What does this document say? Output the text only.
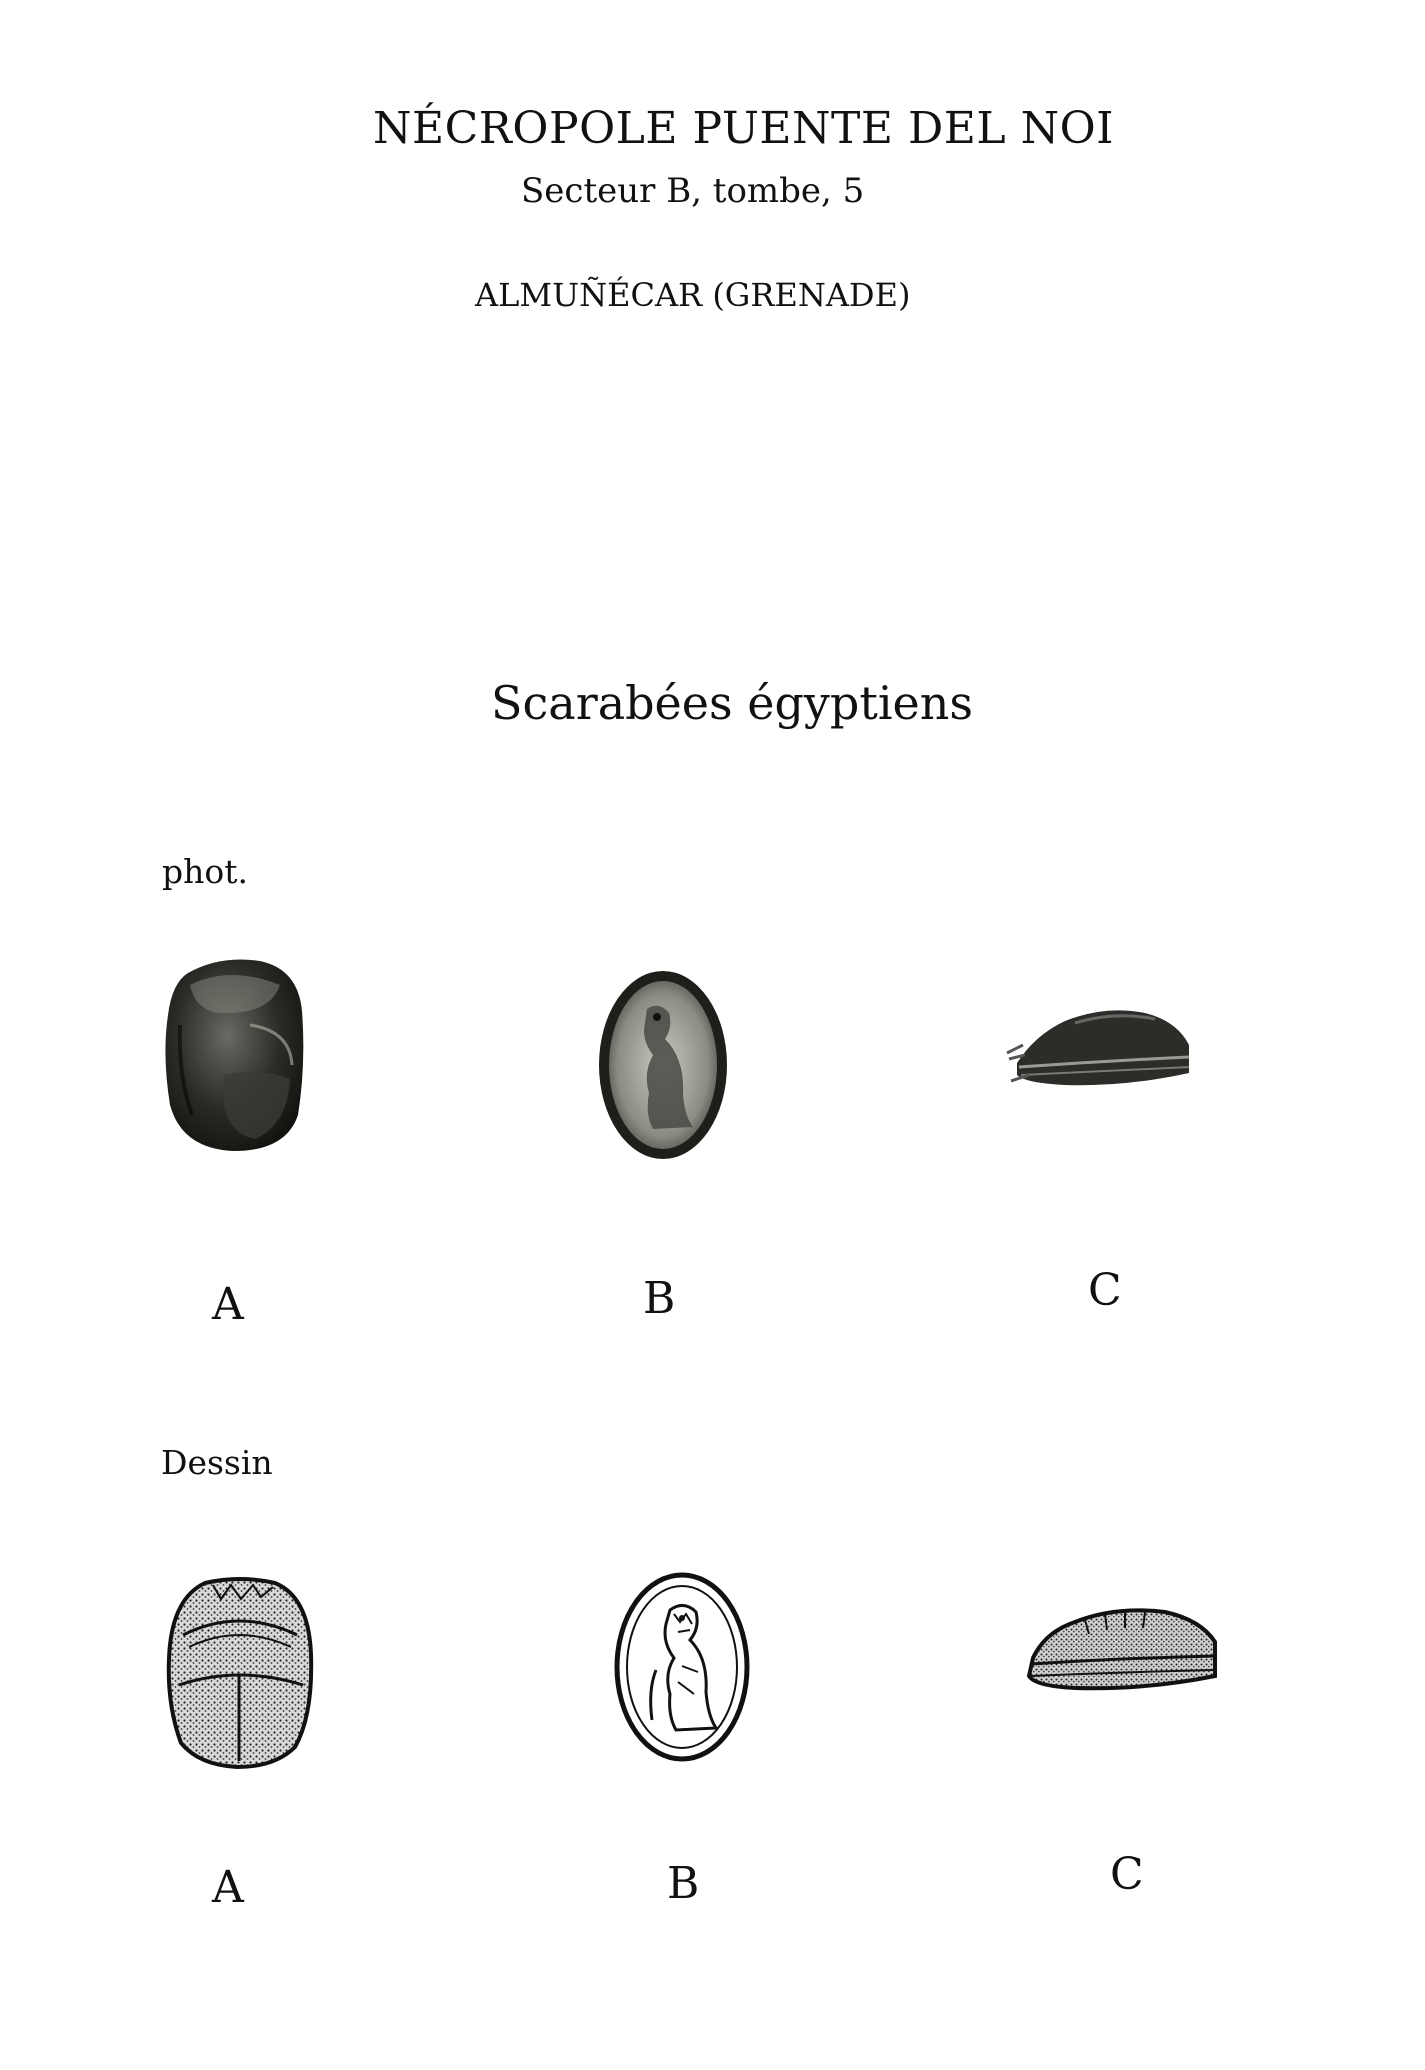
NÉCROPOLE PUENTE DEL NOI
Secteur B, tombe, 5
ALMUÑÉCAR (GRENADE)
Scarabées égyptiens
phot.
A	B	C
Dessin
A	B	C
